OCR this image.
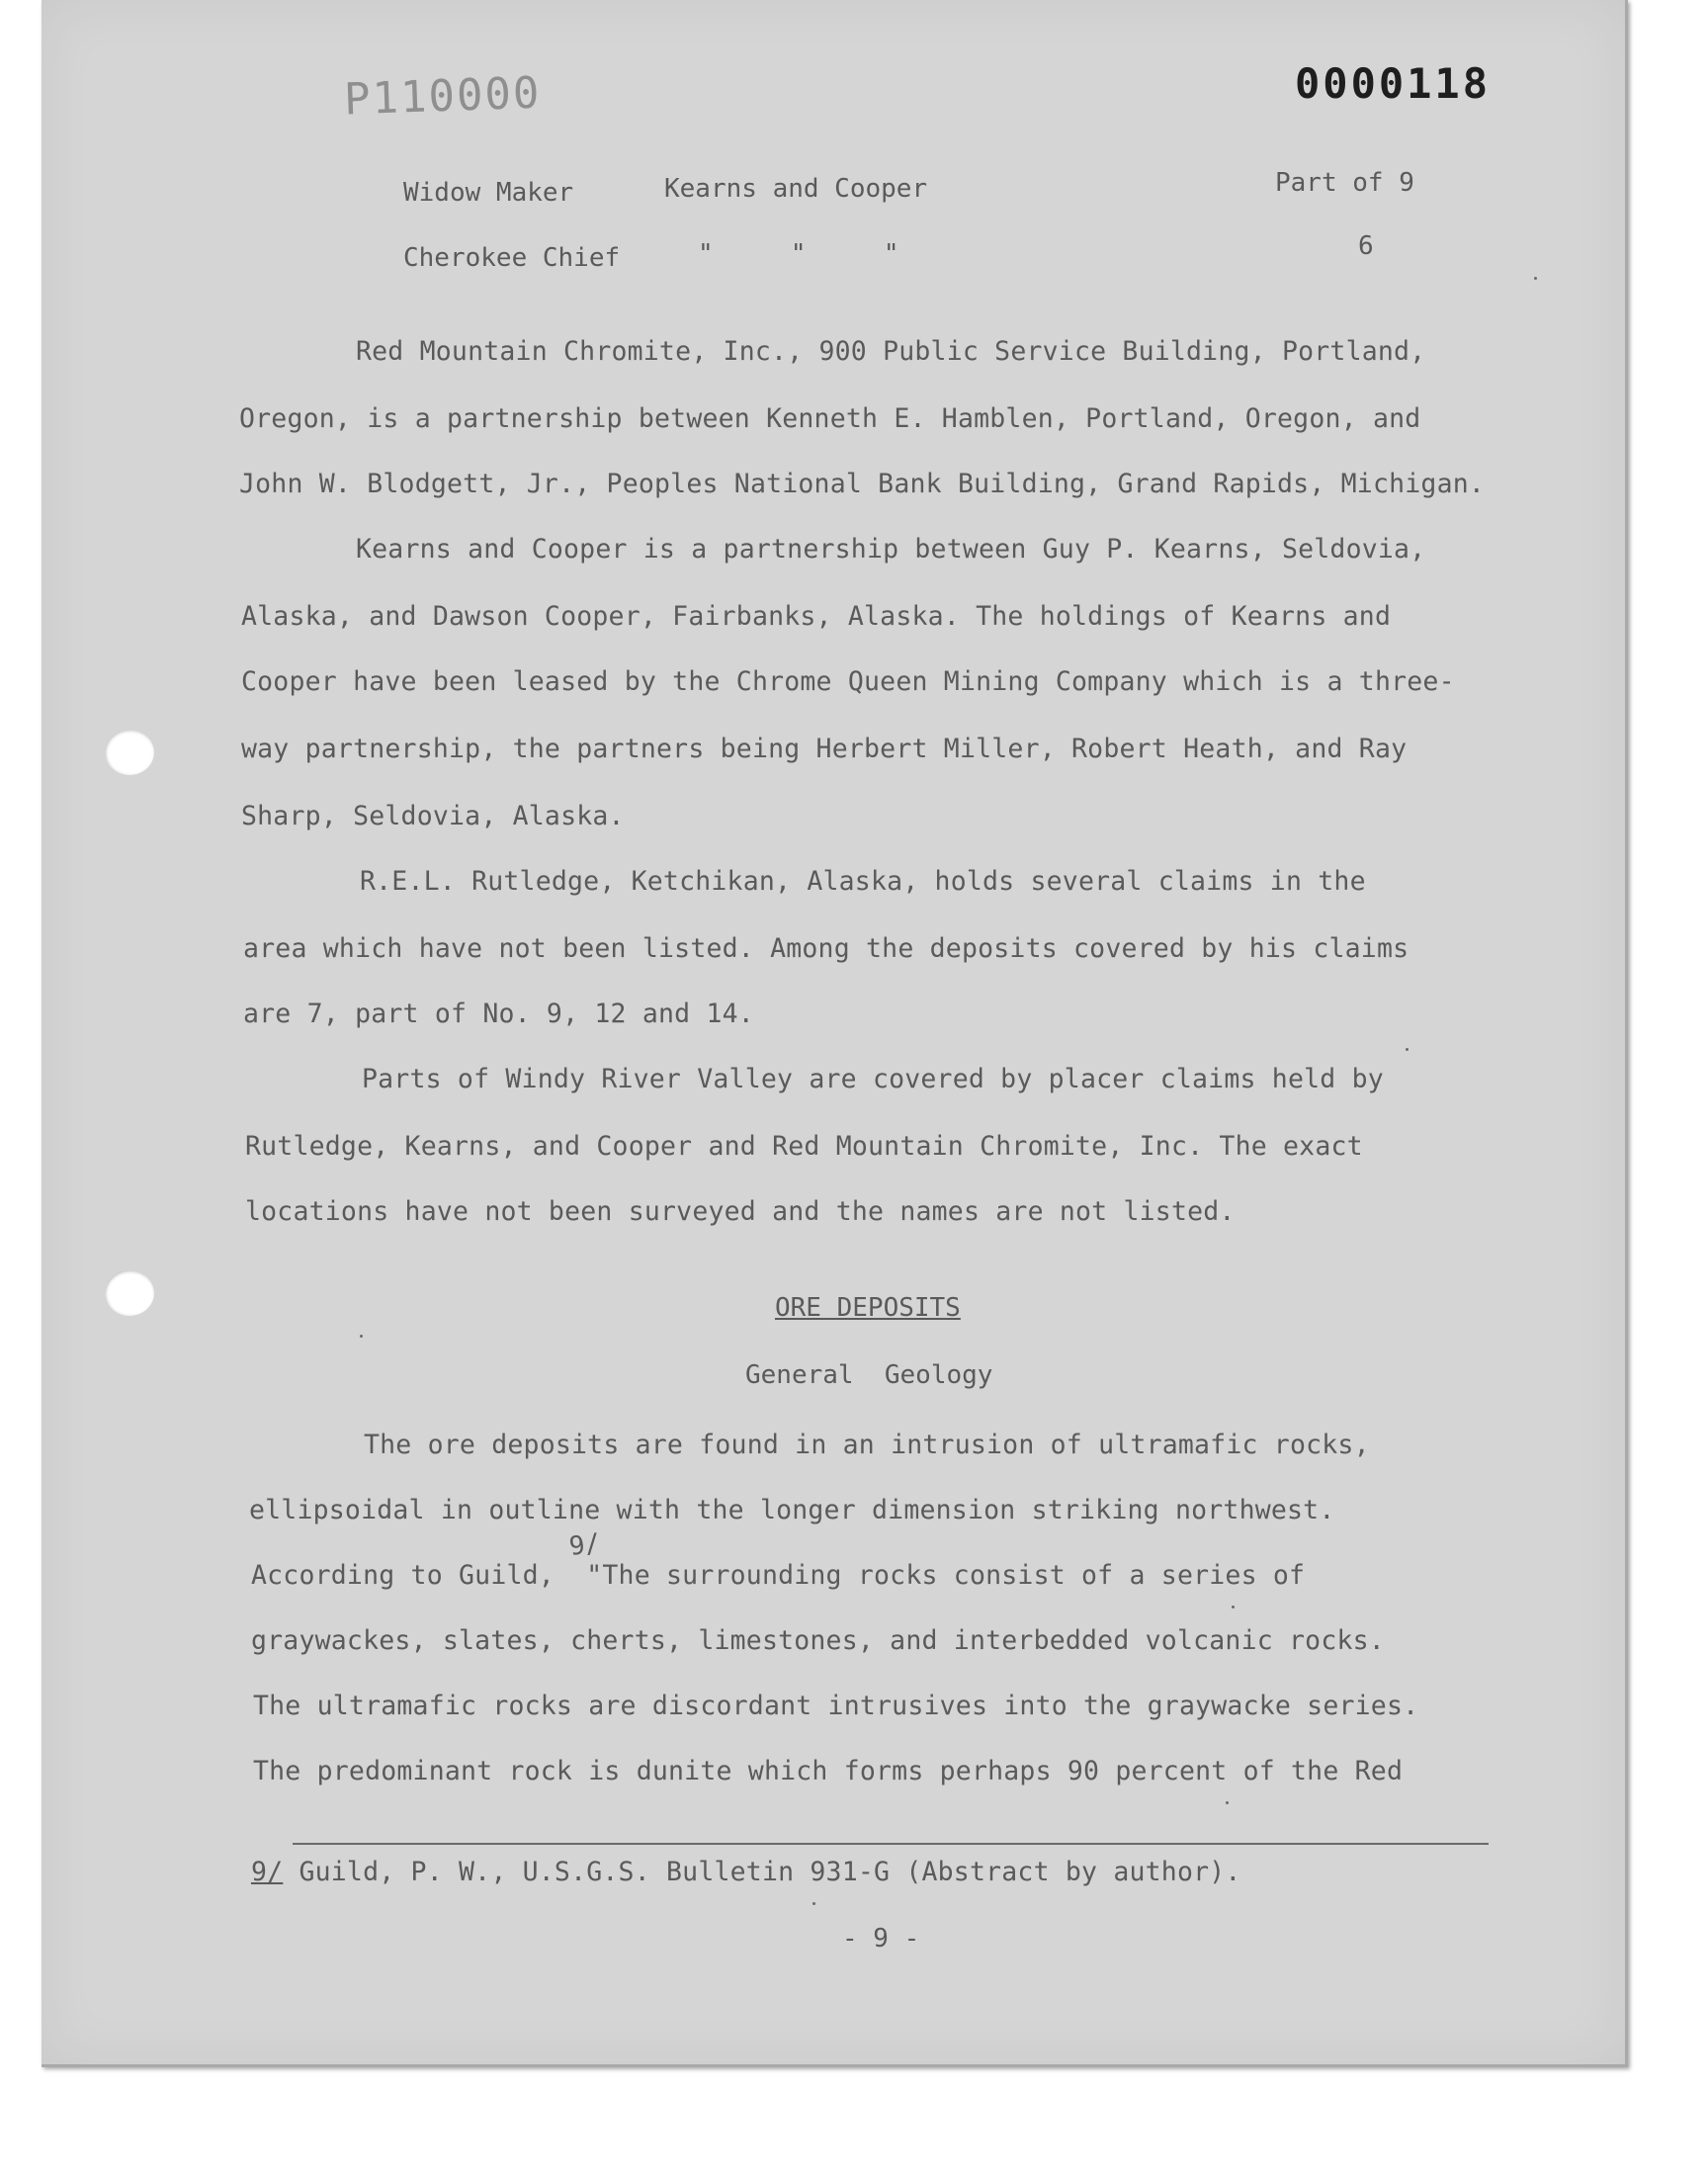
P110000	0000118
Widow Maker	Kearns and Cooper	Part of 9
Cherokee Chief	"     "     "	6
Red Mountain Chromite, Inc., 900 Public Service Building, Portland,
Oregon, is a partnership between Kenneth E. Hamblen, Portland, Oregon, and
John W. Blodgett, Jr., Peoples National Bank Building, Grand Rapids, Michigan.
Kearns and Cooper is a partnership between Guy P. Kearns, Seldovia,
Alaska, and Dawson Cooper, Fairbanks, Alaska. The holdings of Kearns and
Cooper have been leased by the Chrome Queen Mining Company which is a three-
way partnership, the partners being Herbert Miller, Robert Heath, and Ray
Sharp, Seldovia, Alaska.
R.E.L. Rutledge, Ketchikan, Alaska, holds several claims in the
area which have not been listed. Among the deposits covered by his claims
are 7, part of No. 9, 12 and 14.
Parts of Windy River Valley are covered by placer claims held by
Rutledge, Kearns, and Cooper and Red Mountain Chromite, Inc. The exact
locations have not been surveyed and the names are not listed.
ORE DEPOSITS
General  Geology
The ore deposits are found in an intrusion of ultramafic rocks,
ellipsoidal in outline with the longer dimension striking northwest.
9/
According to Guild,  "The surrounding rocks consist of a series of
graywackes, slates, cherts, limestones, and interbedded volcanic rocks.
The ultramafic rocks are discordant intrusives into the graywacke series.
The predominant rock is dunite which forms perhaps 90 percent of the Red
9/ Guild, P. W., U.S.G.S. Bulletin 931-G (Abstract by author).
- 9 -
